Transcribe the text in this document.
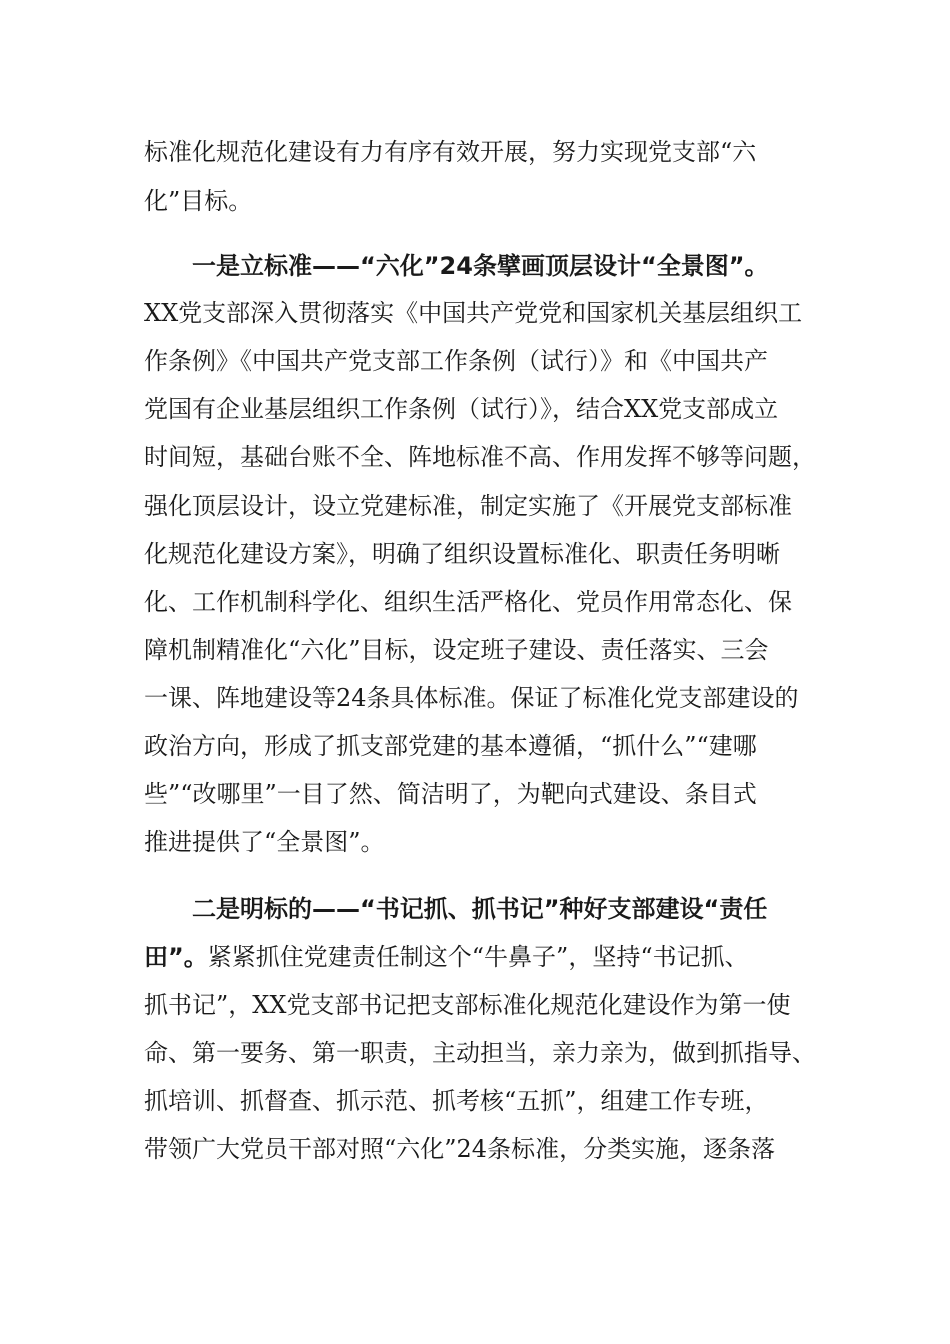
标准化规范化建设有力有序有效开展，努力实现党支部“六
化”目标。
一是立标准——“六化”24条擘画顶层设计“全景图”。
XX党支部深入贯彻落实《中国共产党党和国家机关基层组织工
作条例》《中国共产党支部工作条例（试行）》和《中国共产
党国有企业基层组织工作条例（试行）》，结合XX党支部成立
时间短，基础台账不全、阵地标准不高、作用发挥不够等问题，
强化顶层设计，设立党建标准，制定实施了《开展党支部标准
化规范化建设方案》，明确了组织设置标准化、职责任务明晰
化、工作机制科学化、组织生活严格化、党员作用常态化、保
障机制精准化“六化”目标，设定班子建设、责任落实、三会
一课、阵地建设等24条具体标准。保证了标准化党支部建设的
政治方向，形成了抓支部党建的基本遵循，“抓什么”“建哪
些”“改哪里”一目了然、简洁明了，为靶向式建设、条目式
推进提供了“全景图”。
二是明标的——“书记抓、抓书记”种好支部建设“责任
田”。紧紧抓住党建责任制这个“牛鼻子”，坚持“书记抓、
抓书记”，XX党支部书记把支部标准化规范化建设作为第一使
命、第一要务、第一职责，主动担当，亲力亲为，做到抓指导、
抓培训、抓督查、抓示范、抓考核“五抓”，组建工作专班，
带领广大党员干部对照“六化”24条标准，分类实施，逐条落
